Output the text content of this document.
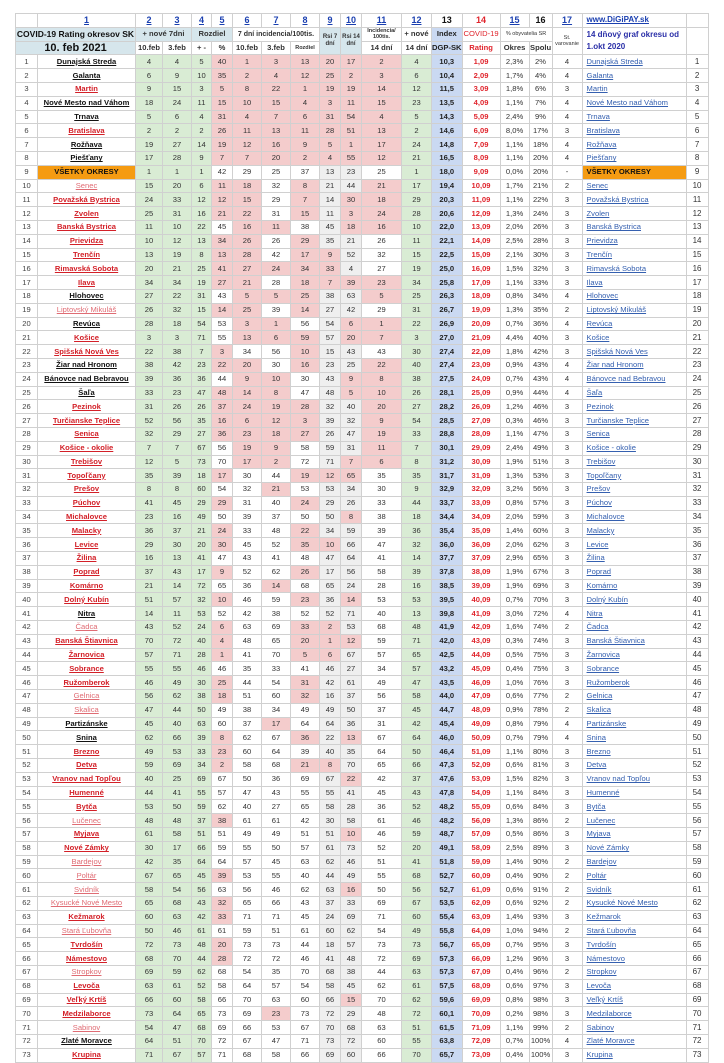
	1	2	3	4	5	6	7	8	9	10	11	12	13	14	15	16	17	www.DiGiPAY.sk	
COVID-19 Rating okresov SK		+ nové 7dni		Rozdiel		7 dní incidencia/100tis.			Rsi 7 dní	Rsi 14 dní	Incidencia/ 100tis.	+ nové	Index	COVID-19	% obyvatelia SR		St. varovanie	14 dňový graf okresu od 1.okt 2020	
10. feb 2021		10.feb	3.feb	+ -	%	10.feb	3.feb	Rozdiel			14 dní	14 dní	DGP-SK	Rating	Okres	Spolu			
1	Dunajská Streda	4	4	5	40	1	3	13	20	17	2	4	10,3	1,09	2,3%	2%	4	Dunajská Streda	1
2	Galanta	6	9	10	35	2	4	12	25	2	3	6	10,4	2,09	1,7%	4%	4	Galanta	2
3	Martin	9	15	3	5	8	22	1	19	19	14	12	11,5	3,09	1,8%	6%	3	Martin	3
4	Nové Mesto nad Váhom	18	24	11	15	10	15	4	3	11	15	23	13,5	4,09	1,1%	7%	4	Nové Mesto nad Váhom	4
5	Trnava	5	6	4	31	4	7	6	31	54	4	5	14,3	5,09	2,4%	9%	4	Trnava	5
6	Bratislava	2	2	2	26	11	13	11	28	51	13	2	14,6	6,09	8,0%	17%	3	Bratislava	6
7	Rožňava	19	27	14	19	12	16	9	5	1	17	24	14,8	7,09	1,1%	18%	4	Rožňava	7
8	Piešťany	17	28	9	7	7	20	2	4	55	12	21	16,5	8,09	1,1%	20%	4	Piešťany	8
9	VŠETKY OKRESY	1	1	1	42	29	25	37	13	23	25	1	18,0	9,09	0,0%	20%	-	VŠETKY OKRESY	9
10	Senec	15	20	6	11	18	32	8	21	44	21	17	19,4	10,09	1,7%	21%	2	Senec	10
11	Považská Bystrica	24	33	12	12	15	29	7	14	30	18	29	20,3	11,09	1,1%	22%	3	Považská Bystrica	11
12	Zvolen	25	31	16	21	22	31	15	11	3	24	28	20,6	12,09	1,3%	24%	3	Zvolen	12
13	Banská Bystrica	11	10	22	45	16	11	38	45	18	16	10	22,0	13,09	2,0%	26%	3	Banská Bystrica	13
14	Prievidza	10	12	13	34	26	26	29	35	21	26	11	22,1	14,09	2,5%	28%	3	Prievidza	14
15	Trenčín	13	19	8	13	28	42	17	9	52	32	15	22,5	15,09	2,1%	30%	3	Trenčín	15
16	Rimavská Sobota	20	21	25	41	27	24	34	33	4	27	19	25,0	16,09	1,5%	32%	3	Rimavská Sobota	16
17	Ilava	34	34	19	27	21	28	18	7	39	23	34	25,8	17,09	1,1%	33%	3	Ilava	17
18	Hlohovec	27	22	31	43	5	5	25	38	63	5	25	26,3	18,09	0,8%	34%	4	Hlohovec	18
19	Liptovský Mikuláš	26	32	15	14	25	39	14	27	42	29	31	26,7	19,09	1,3%	35%	2	Liptovský Mikuláš	19
20	Revúca	28	18	54	53	3	1	56	54	6	1	22	26,9	20,09	0,7%	36%	4	Revúca	20
21	Košice	3	3	71	55	13	6	59	57	20	7	3	27,0	21,09	4,4%	40%	3	Košice	21
22	Spišská Nová Ves	22	38	7	3	34	56	10	15	43	43	30	27,4	22,09	1,8%	42%	3	Spišská Nová Ves	22
23	Žiar nad Hronom	38	42	23	22	20	30	16	23	25	22	40	27,4	23,09	0,9%	43%	4	Žiar nad Hronom	23
24	Bánovce nad Bebravou	39	36	36	44	9	10	30	43	9	8	38	27,5	24,09	0,7%	43%	4	Bánovce nad Bebravou	24
25	Šaľa	33	23	47	48	14	8	47	48	5	10	26	28,1	25,09	0,9%	44%	4	Šaľa	25
26	Pezinok	31	26	26	37	24	19	28	32	40	20	27	28,2	26,09	1,2%	46%	3	Pezinok	26
27	Turčianske Teplice	52	56	35	16	6	12	3	39	32	9	54	28,5	27,09	0,3%	46%	3	Turčianske Teplice	27
28	Senica	32	29	27	36	23	18	27	26	47	19	33	28,8	28,09	1,1%	47%	3	Senica	28
29	Košice - okolie	7	7	67	56	19	9	58	59	31	11	7	30,1	29,09	2,4%	49%	3	Košice - okolie	29
30	Trebišov	12	5	73	70	17	2	72	71	7	6	8	31,2	30,09	1,9%	51%	3	Trebišov	30
31	Topoľčany	35	39	18	17	30	44	19	12	65	35	35	31,7	31,09	1,3%	53%	3	Topoľčany	31
32	Prešov	8	8	60	54	32	21	53	53	34	30	9	32,9	32,09	3,2%	56%	3	Prešov	32
33	Púchov	41	45	29	29	31	40	24	29	26	33	44	33,7	33,09	0,8%	57%	3	Púchov	33
34	Michalovce	23	16	49	50	39	37	50	50	8	38	18	34,4	34,09	2,0%	59%	3	Michalovce	34
35	Malacky	36	37	21	24	33	48	22	34	59	39	36	35,4	35,09	1,4%	60%	3	Malacky	35
36	Levice	29	30	20	30	45	52	35	10	66	47	32	36,0	36,09	2,0%	62%	3	Levice	36
37	Žilina	16	13	41	47	43	41	48	47	64	41	14	37,7	37,09	2,9%	65%	3	Žilina	37
38	Poprad	37	43	17	9	52	62	26	17	56	58	39	37,8	38,09	1,9%	67%	3	Poprad	38
39	Komárno	21	14	72	65	36	14	68	65	24	28	16	38,5	39,09	1,9%	69%	3	Komárno	39
40	Dolný Kubín	51	57	32	10	46	59	23	36	14	53	53	39,5	40,09	0,7%	70%	3	Dolný Kubín	40
41	Nitra	14	11	53	52	42	38	52	52	71	40	13	39,8	41,09	3,0%	72%	4	Nitra	41
42	Čadca	43	52	24	6	63	69	33	2	53	68	48	41,9	42,09	1,6%	74%	2	Čadca	42
43	Banská Štiavnica	70	72	40	4	48	65	20	1	12	59	71	42,0	43,09	0,3%	74%	3	Banská Štiavnica	43
44	Žarnovica	57	71	28	1	41	70	5	6	67	57	65	42,5	44,09	0,5%	75%	3	Žarnovica	44
45	Sobrance	55	55	46	46	35	33	41	46	27	34	57	43,2	45,09	0,4%	75%	3	Sobrance	45
46	Ružomberok	46	49	30	25	44	54	31	42	61	49	47	43,5	46,09	1,0%	76%	3	Ružomberok	46
47	Gelnica	56	62	38	18	51	60	32	16	37	56	58	44,0	47,09	0,6%	77%	2	Gelnica	47
48	Skalica	47	44	50	49	38	34	49	49	50	37	45	44,7	48,09	0,9%	78%	2	Skalica	48
49	Partizánske	45	40	63	60	37	17	64	64	36	31	42	45,4	49,09	0,8%	79%	4	Partizánske	49
50	Snina	62	66	39	8	62	67	36	22	13	67	64	46,0	50,09	0,7%	79%	4	Snina	50
51	Brezno	49	53	33	23	60	64	39	40	35	64	50	46,4	51,09	1,1%	80%	3	Brezno	51
52	Detva	59	69	34	2	58	68	21	8	70	65	66	47,3	52,09	0,6%	81%	3	Detva	52
53	Vranov nad Topľou	40	25	69	67	50	36	69	67	22	42	37	47,6	53,09	1,5%	82%	3	Vranov nad Topľou	53
54	Humenné	44	41	55	57	47	43	55	55	41	45	43	47,8	54,09	1,1%	84%	3	Humenné	54
55	Bytča	53	50	59	62	40	27	65	58	28	36	52	48,2	55,09	0,6%	84%	3	Bytča	55
56	Lučenec	48	48	37	38	61	61	42	30	58	61	46	48,2	56,09	1,3%	86%	2	Lučenec	56
57	Myjava	61	58	51	51	49	49	51	51	10	46	59	48,7	57,09	0,5%	86%	3	Myjava	57
58	Nové Zámky	30	17	66	59	55	50	57	61	73	52	20	49,1	58,09	2,5%	89%	3	Nové Zámky	58
59	Bardejov	42	35	64	64	57	45	63	62	46	51	41	51,8	59,09	1,4%	90%	2	Bardejov	59
60	Poltár	67	65	45	39	53	55	40	44	49	55	68	52,7	60,09	0,4%	90%	2	Poltár	60
61	Svidník	58	54	56	63	56	46	62	63	16	50	56	52,7	61,09	0,6%	91%	2	Svidník	61
62	Kysucké Nové Mesto	65	68	43	32	65	66	43	37	33	69	67	53,5	62,09	0,6%	92%	2	Kysucké Nové Mesto	62
63	Kežmarok	60	63	42	33	71	71	45	24	69	71	60	55,4	63,09	1,4%	93%	3	Kežmarok	63
64	Stará Ľubovňa	50	46	61	61	59	51	61	60	62	54	49	55,8	64,09	1,0%	94%	2	Stará Ľubovňa	64
65	Tvrdošín	72	73	48	20	73	73	44	18	57	73	73	56,7	65,09	0,7%	95%	3	Tvrdošín	65
66	Námestovo	68	70	44	28	72	72	46	41	48	72	69	57,3	66,09	1,2%	96%	3	Námestovo	66
67	Stropkov	69	59	62	68	54	35	70	68	38	44	63	57,3	67,09	0,4%	96%	2	Stropkov	67
68	Levoča	63	61	52	58	64	57	54	58	45	62	61	57,5	68,09	0,6%	97%	3	Levoča	68
69	Veľký Krtíš	66	60	58	66	70	63	60	66	15	70	62	59,6	69,09	0,8%	98%	3	Veľký Krtíš	69
70	Medzilaborce	73	64	65	73	69	23	73	72	29	48	72	60,1	70,09	0,2%	98%	3	Medzilaborce	70
71	Sabinov	54	47	68	69	66	53	67	70	68	63	51	61,5	71,09	1,1%	99%	2	Sabinov	71
72	Zlaté Moravce	64	51	70	72	67	47	71	73	72	60	55	63,8	72,09	0,7%	100%	4	Zlaté Moravce	72
73	Krupina	71	67	57	71	68	58	66	69	60	66	70	65,7	73,09	0,4%	100%	3	Krupina	73
